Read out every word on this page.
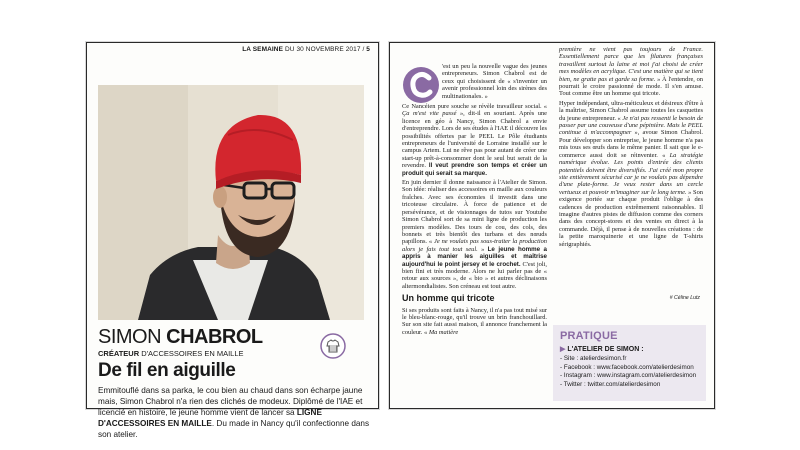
LA SEMAINE DU 30 NOVEMBRE 2017 / 5
SIMON CHABROL
CRÉATEUR D'ACCESSOIRES EN MAILLE
De fil en aiguille
Emmitouflé dans sa parka, le cou bien au chaud dans son écharpe jaune mais, Simon Chabrol n'a rien des clichés de modeux. Diplômé de l'IAE et licencié en histoire, le jeune homme vient de lancer sa LIGNE D'ACCESSOIRES EN MAILLE. Du made in Nancy qu'il confectionne dans son atelier.
'est un peu la nouvelle vague des jeunes entrepreneurs. Simon Chabrol est de ceux qui choisissent de « s'inventer un avenir professionnel loin des sirènes des multinationales. »

Ce Nancéien pure souche se révèle travailleur social. « Ça m'est vite passé », dit-il en souriant. Après une licence en géo à Nancy, Simon Chabrol a envie d'entreprendre. Lors de ses études à l'IAE il découvre les possibilités offertes par le PEEL Le Pôle étudiants entrepreneurs de l'université de Lorraine installé sur le campus Artem. Lui ne rêve pas pour autant de créer une start-up prêt-à-consommer dont le seul but serait de la revendre. Il veut prendre son temps et créer un produit qui serait sa marque.

En juin dernier il donne naissance à l'Atelier de Simon. Son idée: réaliser des accessoires en maille aux couleurs fraîches. Avec ses économies il investit dans une tricoteuse circulaire. À force de patience et de persévérance, et de visionnages de tutos sur Youtube Simon Chabrol sort de sa mini ligne de production les premiers modèles. Des tours de cou, des cols, des bonnets et très bientôt des turbans et des nœuds papillons. « Je ne voulais pas sous-traiter la production alors je fais tout tout seul. » Le jeune homme a appris à manier les aiguilles et maîtrise aujourd'hui le point jersey et le crochet. C'est joli, bien fini et très moderne. Alors ne lui parler pas de « retour aux sources », de « bio » et autres déclinaisons altermondialistes. Son créneau est tout autre.

Un homme qui tricote

Si ses produits sont faits à Nancy, il n'a pas tout misé sur le bleu-blanc-rouge, qu'il trouve un brin franchouillard. Sur son site fait aussi maison, il annonce franchement la couleur. « Ma matière

première ne vient pas toujours de France. Essentiellement parce que les filatures françaises travaillent surtout la laine et moi j'ai choisi de créer mes modèles en acrylique. C'est une matière qui se tient bien, ne gratte pas et garde sa forme. » À l'entendre, on pourrait le croire passionné de mode. Il s'en amuse. Tout comme être un homme qui tricote.

Hyper indépendant, ultra-méticuleux et désireux d'être à la maîtrise, Simon Chabrol assume toutes les casquettes du jeune entrepreneur. « Je n'ai pas ressenti le besoin de passer par une couveuse d'une pépinière. Mais le PEEL continue à m'accompagner », avoue Simon Chabrol. Pour développer son entreprise, le jeune homme n'a pas mis tous ses œufs dans le même panier. Il sait que le e-commerce aussi doit se réinventer. « La stratégie numérique évolue. Les points d'entrée des clients potentiels doivent être diversifiés. J'ai créé mon propre site entièrement sécurisé car je ne voulais pas dépendre d'une plate-forme. Je veux rester dans un cercle vertueux et pouvoir m'imaginer sur le long terme. » Son exigence portée sur chaque produit l'oblige à des cadences de production extrêmement raisonnables. Il imagine d'autres pistes de diffusion comme des corners dans des concept-stores et des ventes en direct à la commande. Déjà, il pense à de nouvelles créations : de la petite maroquinerie et une ligne de T-shirts sérigraphiés.

# Céline Lutz
PRATIQUE
▶ L'ATELIER DE SIMON :
- Site : atelierdesimon.fr
- Facebook : www.facebook.com/atelierdesimon
- Instagram : www.instagram.com/atelierdesimon
- Twitter : twitter.com/atelierdesimon
